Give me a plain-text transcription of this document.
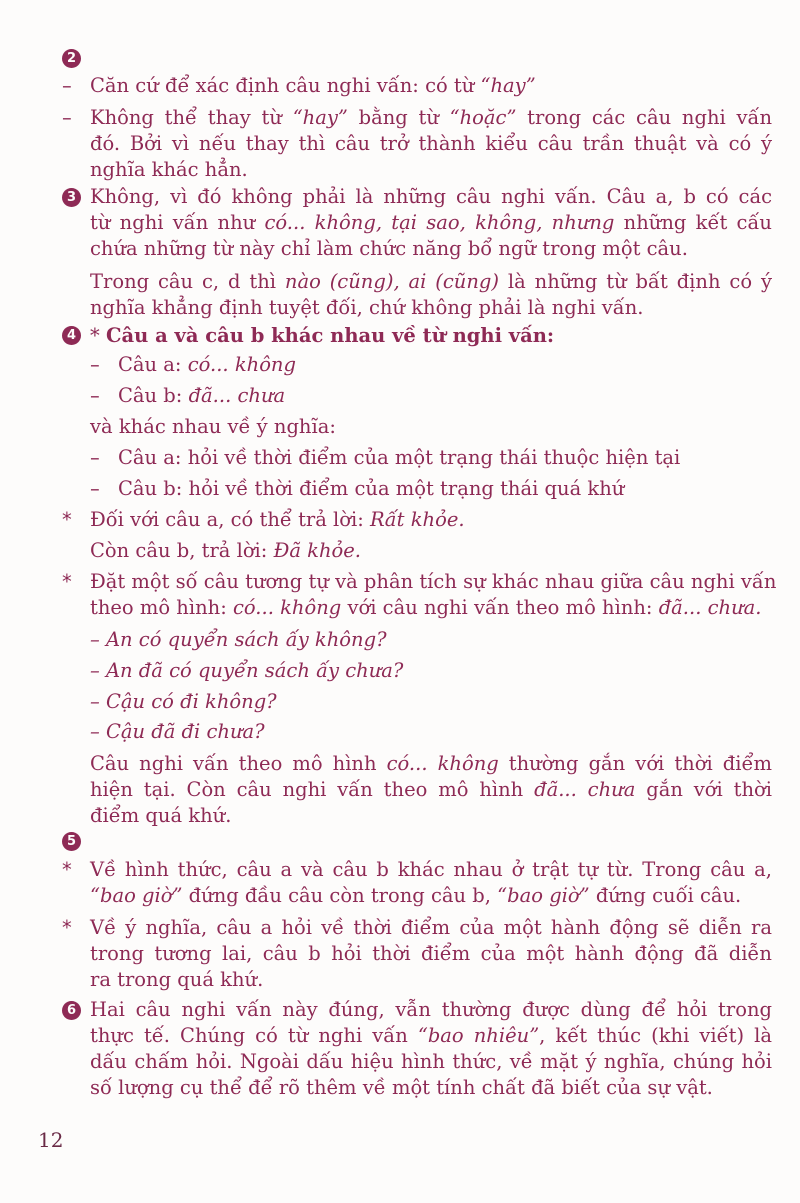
2
– Căn cứ để xác định câu nghi vấn: có từ “hay”
– Không thể thay từ “hay” bằng từ “hoặc” trong các câu nghi vấn
đó. Bởi vì nếu thay thì câu trở thành kiểu câu trần thuật và có ý
nghĩa khác hẳn.
3 Không, vì đó không phải là những câu nghi vấn. Câu a, b có các
từ nghi vấn như có... không, tại sao, không, nhưng những kết cấu
chứa những từ này chỉ làm chức năng bổ ngữ trong một câu.
Trong câu c, d thì nào (cũng), ai (cũng) là những từ bất định có ý
nghĩa khẳng định tuyệt đối, chứ không phải là nghi vấn.
4 * Câu a và câu b khác nhau về từ nghi vấn:
– Câu a: có... không
– Câu b: đã... chưa
và khác nhau về ý nghĩa:
– Câu a: hỏi về thời điểm của một trạng thái thuộc hiện tại
– Câu b: hỏi về thời điểm của một trạng thái quá khứ
* Đối với câu a, có thể trả lời: Rất khỏe.
Còn câu b, trả lời: Đã khỏe.
* Đặt một số câu tương tự và phân tích sự khác nhau giữa câu nghi vấn
theo mô hình: có... không với câu nghi vấn theo mô hình: đã... chưa.
– An có quyển sách ấy không?
– An đã có quyển sách ấy chưa?
– Cậu có đi không?
– Cậu đã đi chưa?
Câu nghi vấn theo mô hình có... không thường gắn với thời điểm
hiện tại. Còn câu nghi vấn theo mô hình đã... chưa gắn với thời
điểm quá khứ.
5
* Về hình thức, câu a và câu b khác nhau ở trật tự từ. Trong câu a,
“bao giờ” đứng đầu câu còn trong câu b, “bao giờ” đứng cuối câu.
* Về ý nghĩa, câu a hỏi về thời điểm của một hành động sẽ diễn ra
trong tương lai, câu b hỏi thời điểm của một hành động đã diễn
ra trong quá khứ.
6 Hai câu nghi vấn này đúng, vẫn thường được dùng để hỏi trong
thực tế. Chúng có từ nghi vấn “bao nhiêu”, kết thúc (khi viết) là
dấu chấm hỏi. Ngoài dấu hiệu hình thức, về mặt ý nghĩa, chúng hỏi
số lượng cụ thể để rõ thêm về một tính chất đã biết của sự vật.
12
